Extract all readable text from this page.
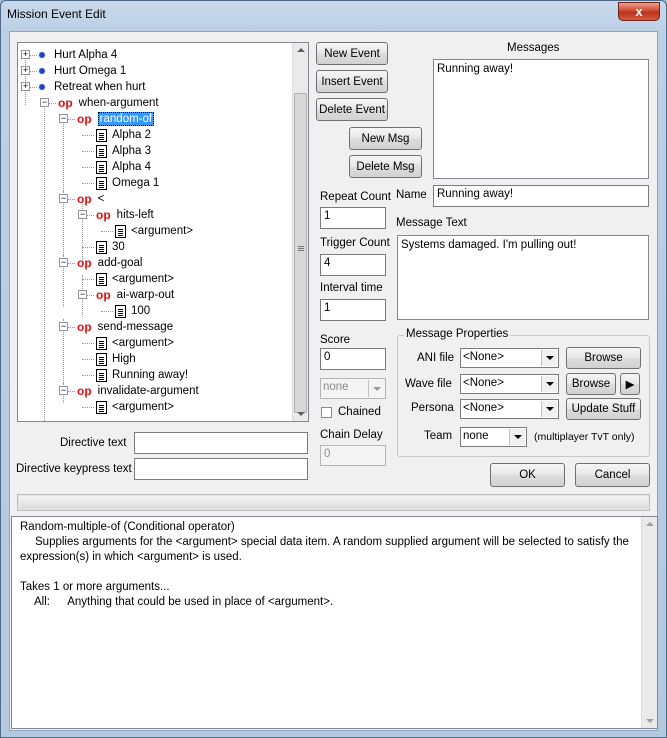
Mission Event Edit	x
+ Hurt Alpha 4
+ Hurt Omega 1
+ Retreat when hurt
− op when-argument
− op random-of
Alpha 2
Alpha 3
Alpha 4
Omega 1
− op <
− op hits-left
<argument>
30
− op add-goal
<argument>
− op ai-warp-out
100
− op send-message
<argument>
High
Running away!
− op invalidate-argument
<argument>
Directive text
Directive keypress text
New Event
Insert Event
Delete Event
New Msg
Delete Msg
Messages
Running away!
Repeat Count
1
Trigger Count
4
Interval time
1
Score
0
none
Chained
Chain Delay
0
Name Running away!
Message Text
Systems damaged. I'm pulling out!
Message Properties
ANI file <None>	Browse
Wave file <None>	Browse	▶
Persona <None>	Update Stuff
Team none	(multiplayer TvT only)
OK	Cancel
Random-multiple-of (Conditional operator)
Supplies arguments for the <argument> special data item. A random supplied argument will be selected to satisfy the
expression(s) in which <argument> is used.
Takes 1 or more arguments...
All: Anything that could be used in place of <argument>.
